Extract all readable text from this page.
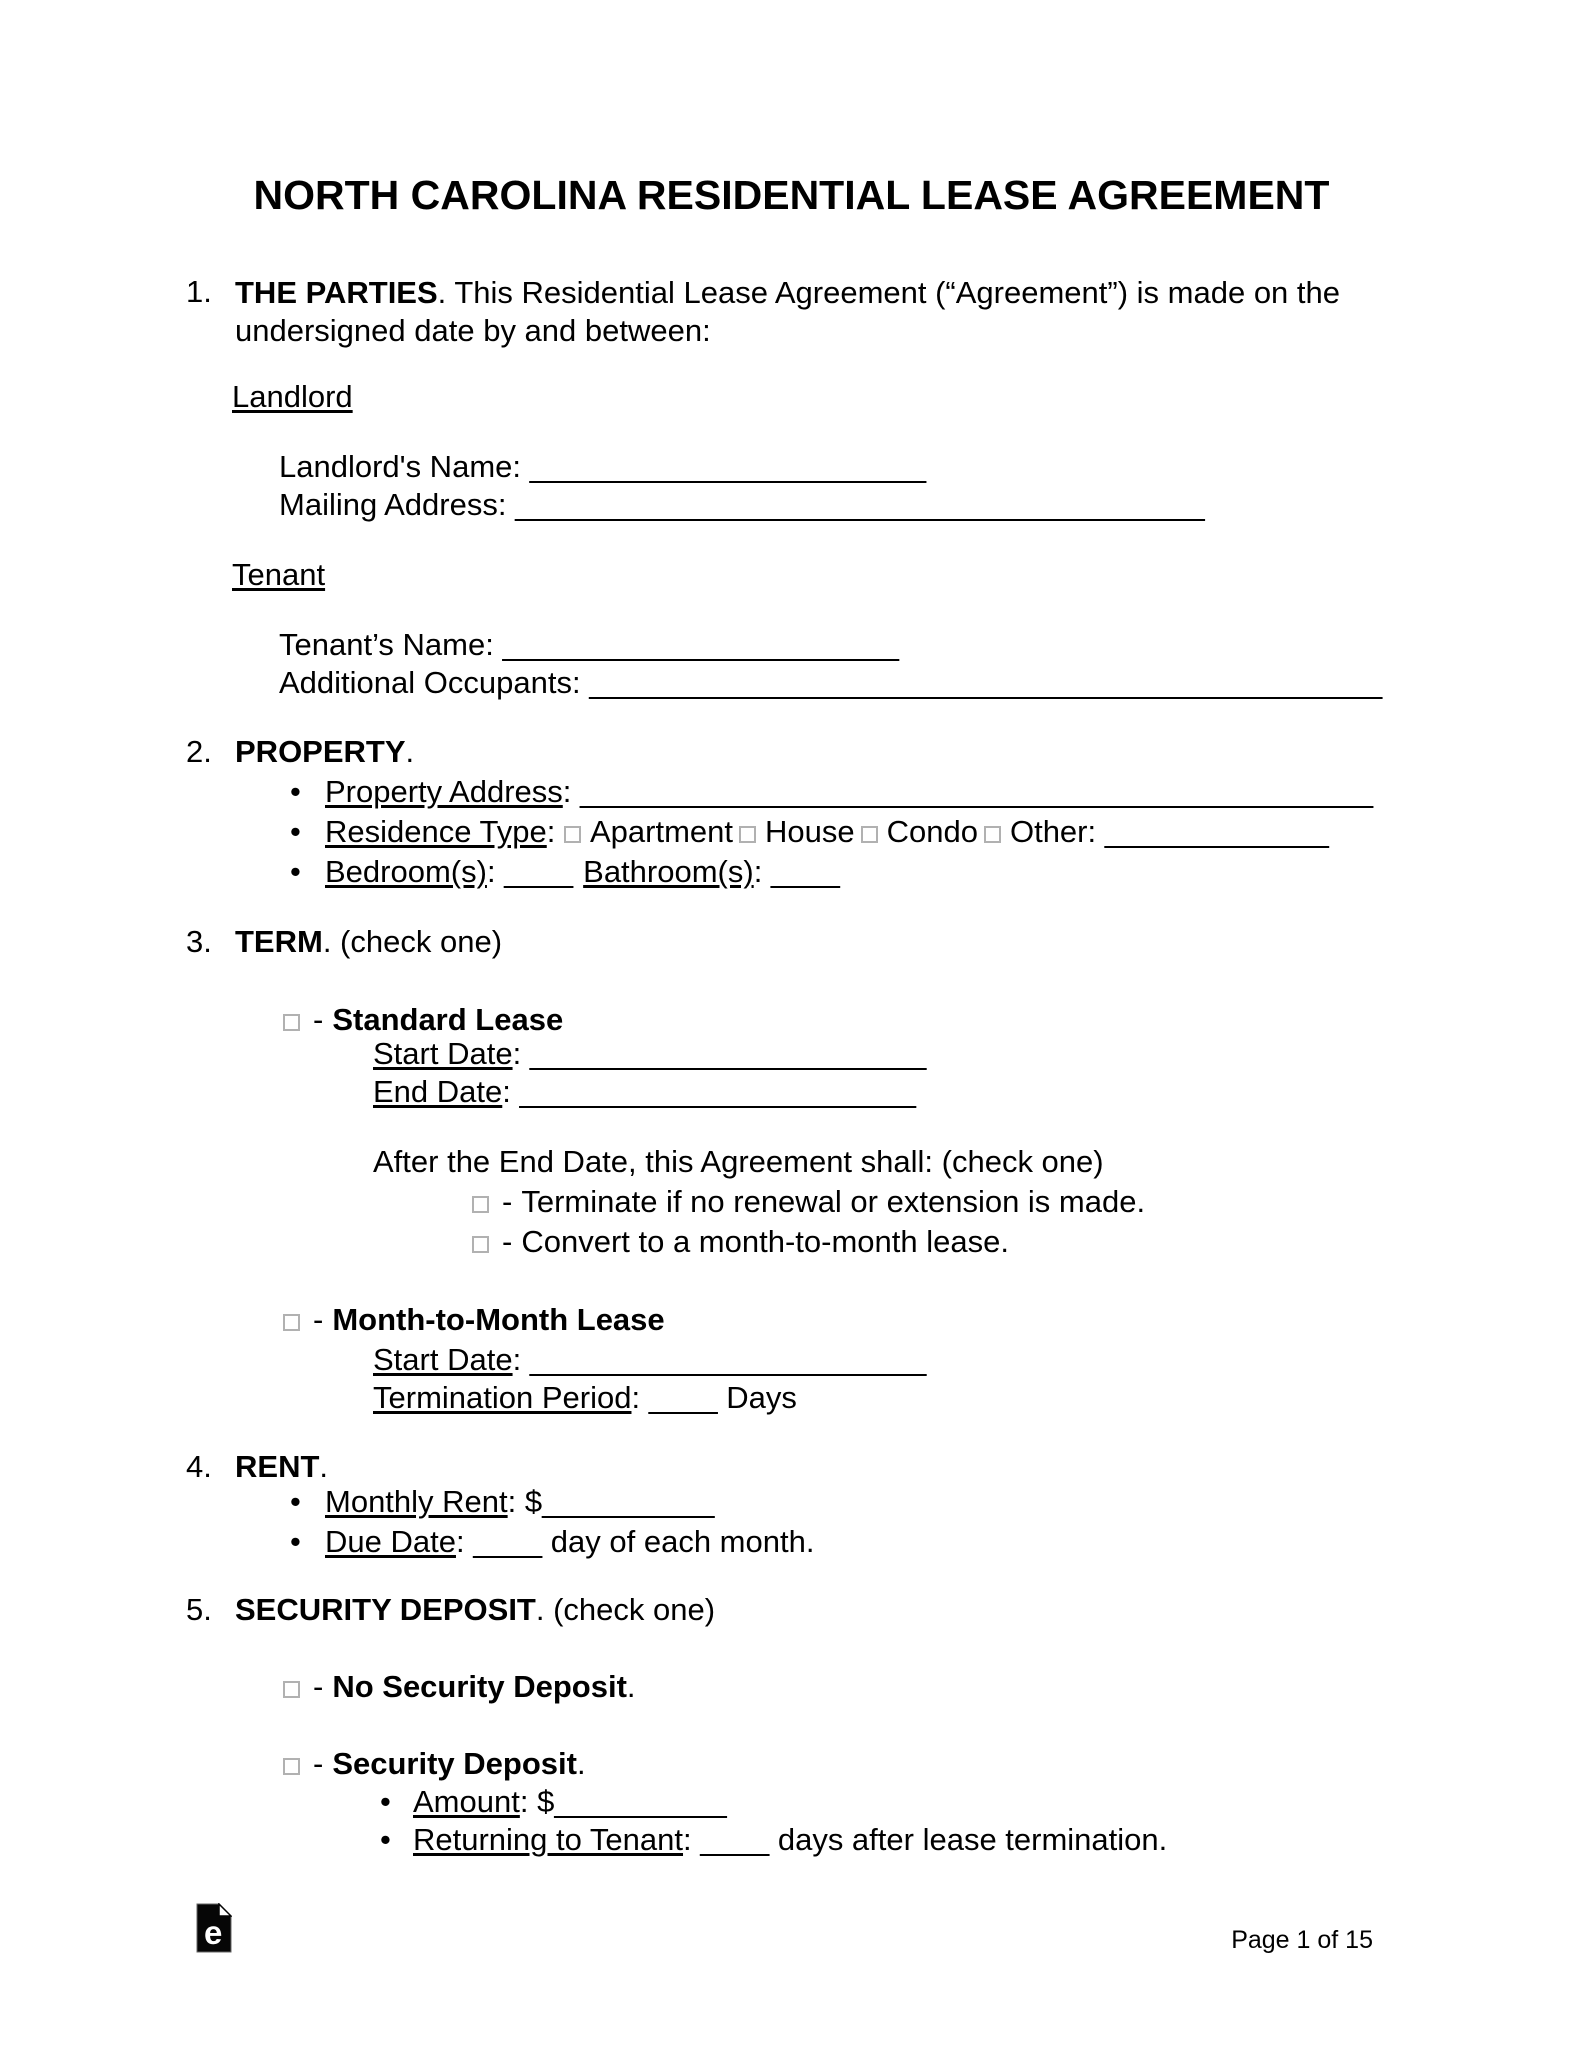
NORTH CAROLINA RESIDENTIAL LEASE AGREEMENT
1. THE PARTIES. This Residential Lease Agreement (“Agreement”) is made on the undersigned date by and between:
Landlord
Landlord's Name: _______________________
Mailing Address: ________________________________________
Tenant
Tenant’s Name: _______________________
Additional Occupants: ______________________________________________
2. PROPERTY.
• Property Address: ______________________________________________
• Residence Type: Apartment House Condo Other: _____________
• Bedroom(s): ____ Bathroom(s): ____
3. TERM. (check one)
- Standard Lease
Start Date: _______________________
End Date: _______________________
After the End Date, this Agreement shall: (check one)
- Terminate if no renewal or extension is made.
- Convert to a month-to-month lease.
- Month-to-Month Lease
Start Date: _______________________
Termination Period: ____ Days
4. RENT.
• Monthly Rent: $__________
• Due Date: ____ day of each month.
5. SECURITY DEPOSIT. (check one)
- No Security Deposit.
- Security Deposit.
• Amount: $__________
• Returning to Tenant: ____ days after lease termination.
e	Page 1 of 15
